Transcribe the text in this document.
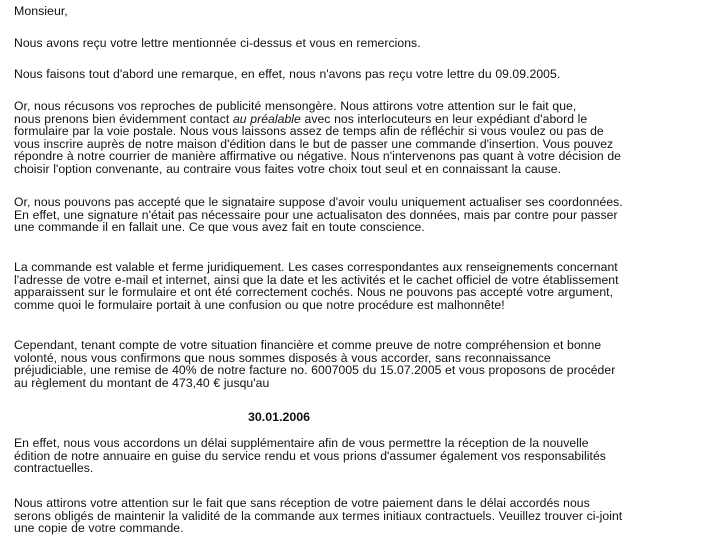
Monsieur,

Nous avons reçu votre lettre mentionnée ci-dessus et vous en remercions.

Nous faisons tout d'abord une remarque, en effet, nous n'avons pas reçu votre lettre du 09.09.2005.

Or, nous récusons vos reproches de publicité mensongère. Nous attirons votre attention sur le fait que,
nous prenons bien évidemment contact au préalable avec nos interlocuteurs en leur expédiant d'abord le
formulaire par la voie postale. Nous vous laissons assez de temps afin de réfléchir si vous voulez ou pas de
vous inscrire auprès de notre maison d'édition dans le but de passer une commande d'insertion. Vous pouvez
répondre à notre courrier de manière affirmative ou négative. Nous n'intervenons pas quant à votre décision de
choisir l'option convenante, au contraire vous faites votre choix tout seul et en connaissant la cause.

Or, nous pouvons pas accepté que le signataire suppose d'avoir voulu uniquement actualiser ses coordonnées.
En effet, une signature n'était pas nécessaire pour une actualisaton des données, mais par contre pour passer
une commande il en fallait une. Ce que vous avez fait en toute conscience.

La commande est valable et ferme juridiquement. Les cases correspondantes aux renseignements concernant
l'adresse de votre e-mail et internet, ainsi que la date et les activités et le cachet officiel de votre établissement
apparaissent sur le formulaire et ont été correctement cochés. Nous ne pouvons pas accepté votre argument,
comme quoi le formulaire portait à une confusion ou que notre procédure est malhonnête!

Cependant, tenant compte de votre situation financière et comme preuve de notre compréhension et bonne
volonté, nous vous confirmons que nous sommes disposés à vous accorder, sans reconnaissance
préjudiciable, une remise de 40% de notre facture no. 6007005 du 15.07.2005 et vous proposons de procéder
au règlement du montant de 473,40 € jusqu'au

30.01.2006

En effet, nous vous accordons un délai supplémentaire afin de vous permettre la réception de la nouvelle
édition de notre annuaire en guise du service rendu et vous prions d'assumer également vos responsabilités
contractuelles.

Nous attirons votre attention sur le fait que sans réception de votre paiement dans le délai accordés nous
serons obligés de maintenir la validité de la commande aux termes initiaux contractuels. Veuillez trouver ci-joint
une copie de votre commande.
